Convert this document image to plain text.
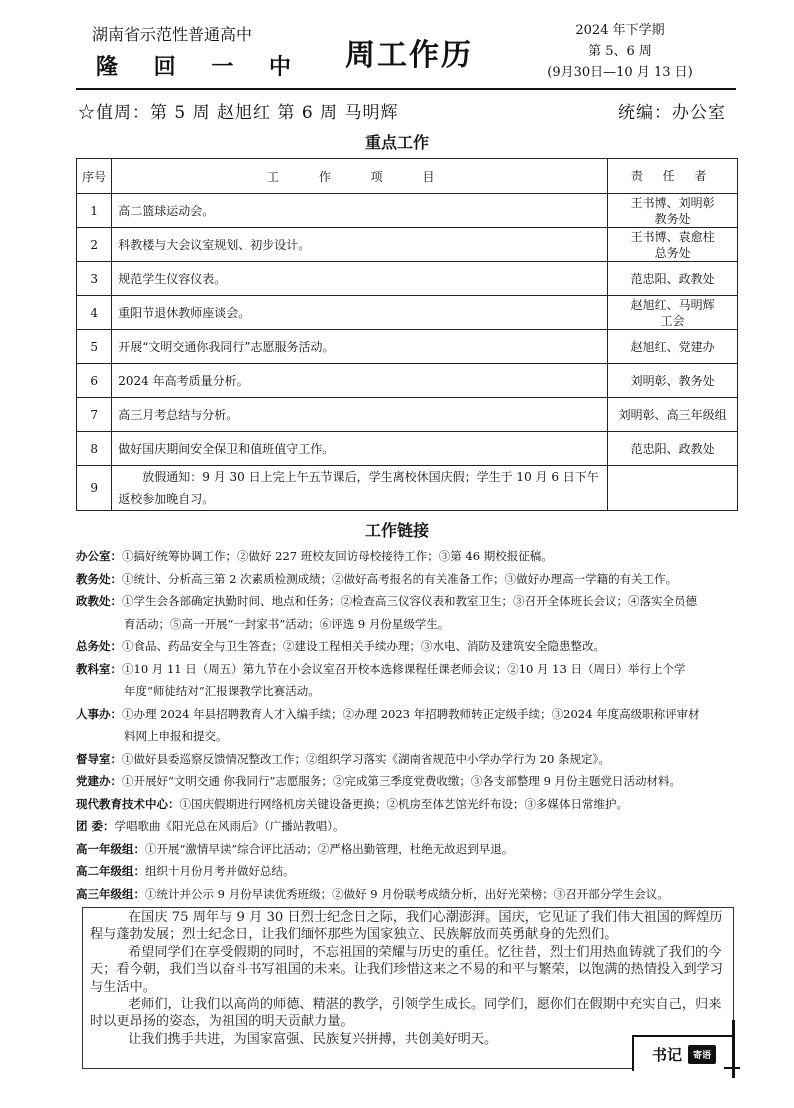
湖南省示范性普通高中
隆 回 一 中 周工作历
2024 年下学期
第 5、6 周
(9月30日—10 月 13 日)
☆值周：第 5 周 赵旭红 第 6 周 马明辉	统编：办公室
重点工作
序号	工 作 项 目	责 任 者
1	高二篮球运动会。	王书博、刘明彰
教务处
2	科教楼与大会议室规划、初步设计。	王书博、袁愈柱
总务处
3	规范学生仪容仪表。	范忠阳、政教处
4	重阳节退休教师座谈会。	赵旭红、马明辉
工会
5	开展“文明交通你我同行”志愿服务活动。	赵旭红、党建办
6	2024 年高考质量分析。	刘明彰、教务处
7	高三月考总结与分析。	刘明彰、高三年级组
8	做好国庆期间安全保卫和值班值守工作。	范忠阳、政教处
9	放假通知：9 月 30 日上完上午五节课后，学生离校休国庆假；学生于 10 月 6 日下午返校参加晚自习。	
工作链接
办公室： ①搞好统筹协调工作；②做好 227 班校友回访母校接待工作；③第 46 期校报征稿。
教务处： ①统计、分析高三第 2 次素质检测成绩；②做好高考报名的有关准备工作；③做好办理高一学籍的有关工作。
政教处： ①学生会各部确定执勤时间、地点和任务；②检查高三仪容仪表和教室卫生；③召开全体班长会议；④落实全员德
育活动；⑤高一开展“一封家书”活动；⑥评选 9 月份星级学生。
总务处： ①食品、药品安全与卫生答查；②建设工程相关手续办理；③水电、消防及建筑安全隐患整改。
教科室： ①10 月 11 日（周五）第九节在小会议室召开校本选修课程任课老师会议；②10 月 13 日（周日）举行上个学
年度“师徒结对”汇报课教学比赛活动。
人事办： ①办理 2024 年县招聘教育人才入编手续；②办理 2023 年招聘教师转正定级手续；③2024 年度高级职称评审材
料网上申报和提交。
督导室： ①做好县委巡察反馈情况整改工作；②组织学习落实《湖南省规范中小学办学行为 20 条规定》。
党建办： ①开展好“文明交通 你我同行”志愿服务；②完成第三季度党费收缴；③各支部整理 9 月份主题党日活动材料。
现代教育技术中心： ①国庆假期进行网络机房关键设备更换；②机房至体艺馆光纤布设；③多媒体日常维护。
团 委： 学唱歌曲《阳光总在风雨后》（广播站教唱）。
高一年级组： ①开展“激情早读”综合评比活动；②严格出勤管理，杜绝无故迟到早退。
高二年级组： 组织十月份月考并做好总结。
高三年级组： ①统计并公示 9 月份早读优秀班级；②做好 9 月份联考成绩分析，出好光荣榜；③召开部分学生会议。

在国庆 75 周年与 9 月 30 日烈士纪念日之际，我们心潮澎湃。国庆，它见证了我们伟大祖国的辉煌历程与蓬勃发展；烈士纪念日，让我们缅怀那些为国家独立、民族解放而英勇献身的先烈们。

希望同学们在享受假期的同时，不忘祖国的荣耀与历史的重任。忆往昔，烈士们用热血铸就了我们的今天；看今朝，我们当以奋斗书写祖国的未来。让我们珍惜这来之不易的和平与繁荣，以饱满的热情投入到学习与生活中。

老师们，让我们以高尚的师德、精湛的教学，引领学生成长。同学们，愿你们在假期中充实自己，归来时以更昂扬的姿态，为祖国的明天贡献力量。

让我们携手共进，为国家富强、民族复兴拼搏，共创美好明天。

书记	寄语
